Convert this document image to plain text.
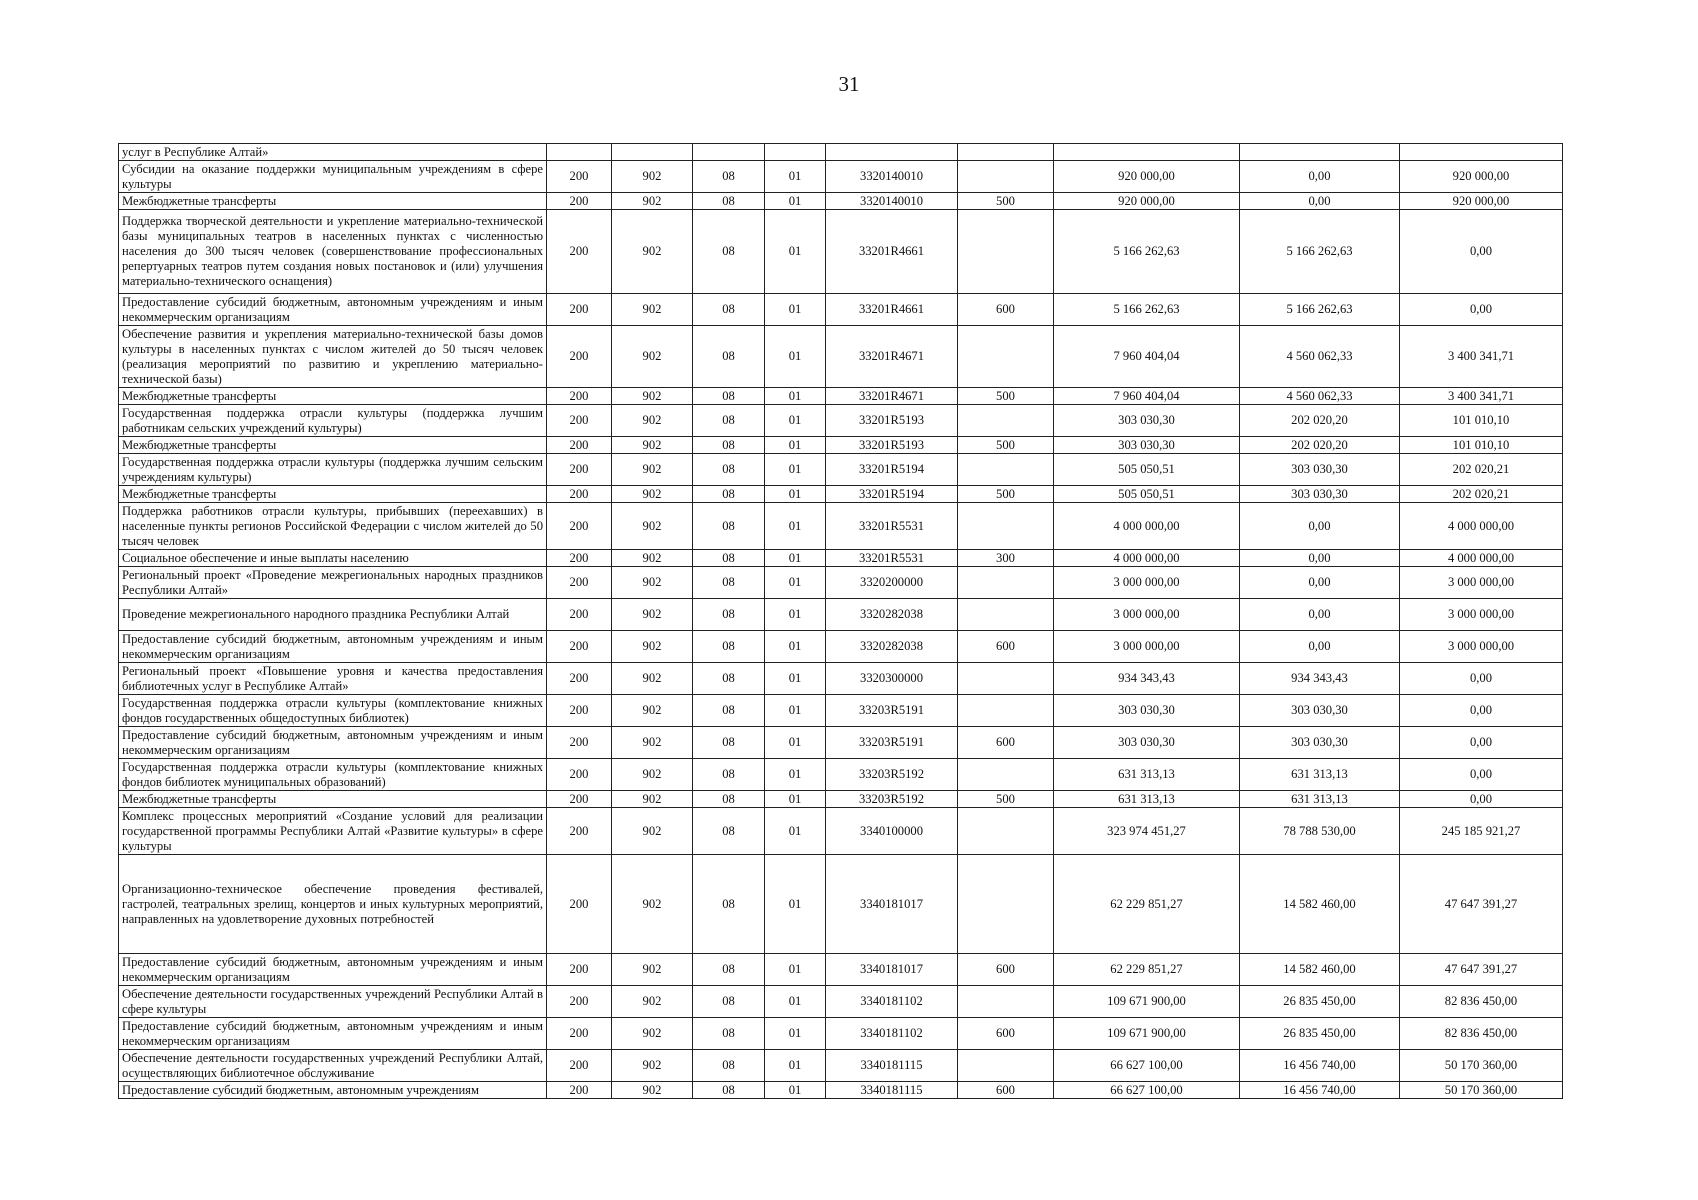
31
услуг в Республике Алтай»									
Субсидии на оказание поддержки муниципальным учреждениям в сфере культуры	200	902	08	01	3320140010		920 000,00	0,00	920 000,00
Межбюджетные трансферты	200	902	08	01	3320140010	500	920 000,00	0,00	920 000,00
Поддержка творческой деятельности и укрепление материально-технической базы муниципальных театров в населенных пунктах с численностью населения до 300 тысяч человек (совершенствование профессиональных репертуарных театров путем создания новых постановок и (или) улучшения материально-технического оснащения)	200	902	08	01	33201R4661		5 166 262,63	5 166 262,63	0,00
Предоставление субсидий бюджетным, автономным учреждениям и иным некоммерческим организациям	200	902	08	01	33201R4661	600	5 166 262,63	5 166 262,63	0,00
Обеспечение развития и укрепления материально-технической базы домов культуры в населенных пунктах с числом жителей до 50 тысяч человек (реализация мероприятий по развитию и укреплению материально-технической базы)	200	902	08	01	33201R4671		7 960 404,04	4 560 062,33	3 400 341,71
Межбюджетные трансферты	200	902	08	01	33201R4671	500	7 960 404,04	4 560 062,33	3 400 341,71
Государственная поддержка отрасли культуры (поддержка лучшим работникам сельских учреждений культуры)	200	902	08	01	33201R5193		303 030,30	202 020,20	101 010,10
Межбюджетные трансферты	200	902	08	01	33201R5193	500	303 030,30	202 020,20	101 010,10
Государственная поддержка отрасли культуры (поддержка лучшим сельским учреждениям культуры)	200	902	08	01	33201R5194		505 050,51	303 030,30	202 020,21
Межбюджетные трансферты	200	902	08	01	33201R5194	500	505 050,51	303 030,30	202 020,21
Поддержка работников отрасли культуры, прибывших (переехавших) в населенные пункты регионов Российской Федерации с числом жителей до 50 тысяч человек	200	902	08	01	33201R5531		4 000 000,00	0,00	4 000 000,00
Социальное обеспечение и иные выплаты населению	200	902	08	01	33201R5531	300	4 000 000,00	0,00	4 000 000,00
Региональный проект «Проведение межрегиональных народных праздников Республики Алтай»	200	902	08	01	3320200000		3 000 000,00	0,00	3 000 000,00
Проведение межрегионального народного праздника Республики Алтай	200	902	08	01	3320282038		3 000 000,00	0,00	3 000 000,00
Предоставление субсидий бюджетным, автономным учреждениям и иным некоммерческим организациям	200	902	08	01	3320282038	600	3 000 000,00	0,00	3 000 000,00
Региональный проект «Повышение уровня и качества предоставления библиотечных услуг в Республике Алтай»	200	902	08	01	3320300000		934 343,43	934 343,43	0,00
Государственная поддержка отрасли культуры (комплектование книжных фондов государственных общедоступных библиотек)	200	902	08	01	33203R5191		303 030,30	303 030,30	0,00
Предоставление субсидий бюджетным, автономным учреждениям и иным некоммерческим организациям	200	902	08	01	33203R5191	600	303 030,30	303 030,30	0,00
Государственная поддержка отрасли культуры (комплектование книжных фондов библиотек муниципальных образований)	200	902	08	01	33203R5192		631 313,13	631 313,13	0,00
Межбюджетные трансферты	200	902	08	01	33203R5192	500	631 313,13	631 313,13	0,00
Комплекс процессных мероприятий «Создание условий для реализации государственной программы Республики Алтай «Развитие культуры» в сфере культуры	200	902	08	01	3340100000		323 974 451,27	78 788 530,00	245 185 921,27
Организационно-техническое обеспечение проведения фестивалей, гастролей, театральных зрелищ, концертов и иных культурных мероприятий, направленных на удовлетворение духовных потребностей	200	902	08	01	3340181017		62 229 851,27	14 582 460,00	47 647 391,27
Предоставление субсидий бюджетным, автономным учреждениям и иным некоммерческим организациям	200	902	08	01	3340181017	600	62 229 851,27	14 582 460,00	47 647 391,27
Обеспечение деятельности государственных учреждений Республики Алтай в сфере культуры	200	902	08	01	3340181102		109 671 900,00	26 835 450,00	82 836 450,00
Предоставление субсидий бюджетным, автономным учреждениям и иным некоммерческим организациям	200	902	08	01	3340181102	600	109 671 900,00	26 835 450,00	82 836 450,00
Обеспечение деятельности государственных учреждений Республики Алтай, осуществляющих библиотечное обслуживание	200	902	08	01	3340181115		66 627 100,00	16 456 740,00	50 170 360,00
Предоставление субсидий бюджетным, автономным учреждениям	200	902	08	01	3340181115	600	66 627 100,00	16 456 740,00	50 170 360,00
